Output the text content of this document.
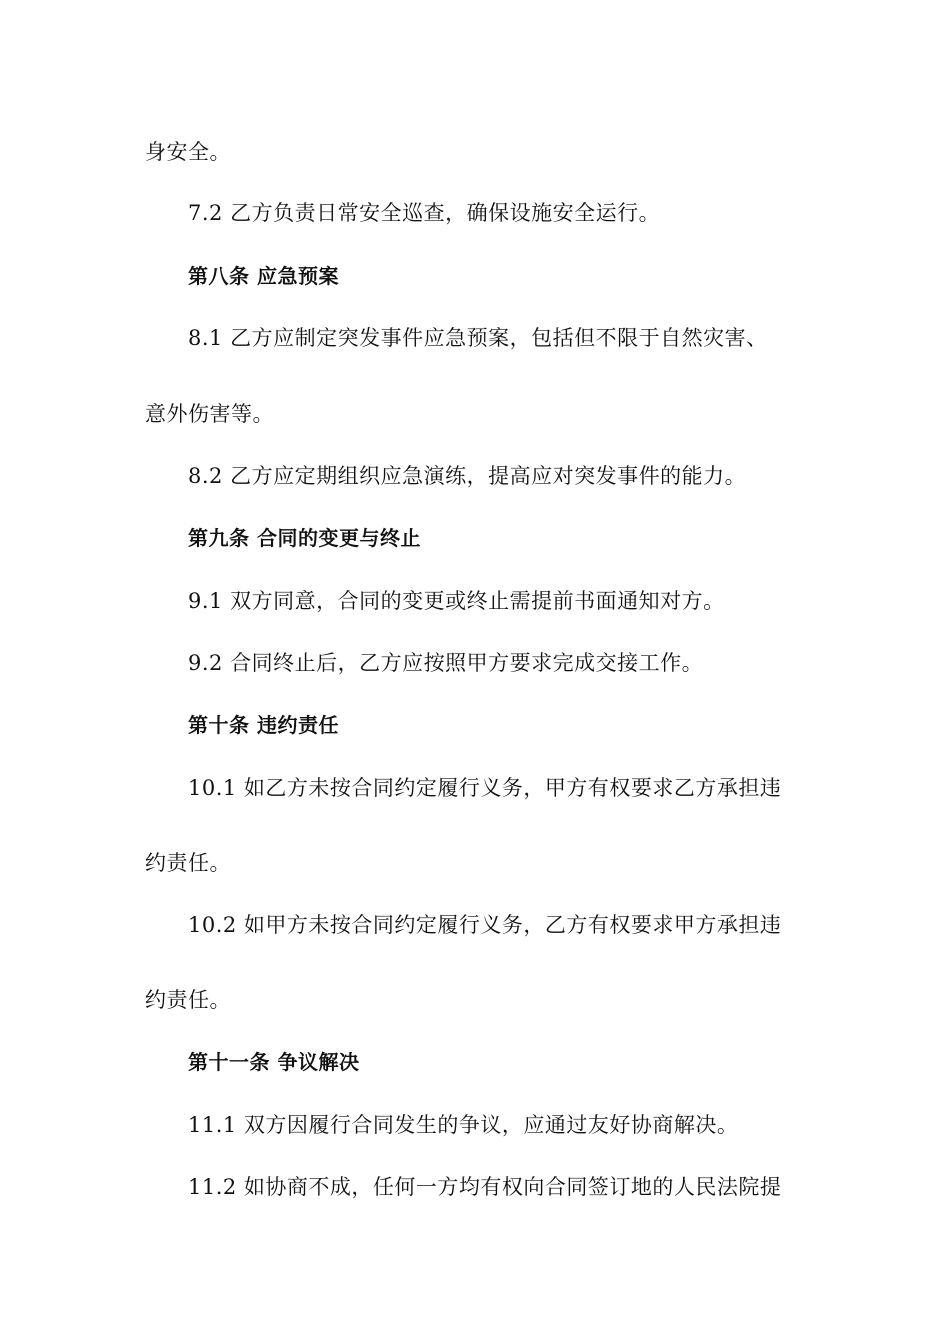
身安全。
7.2 乙方负责日常安全巡查，确保设施安全运行。
第八条 应急预案
8.1 乙方应制定突发事件应急预案，包括但不限于自然灾害、
意外伤害等。
8.2 乙方应定期组织应急演练，提高应对突发事件的能力。
第九条 合同的变更与终止
9.1 双方同意，合同的变更或终止需提前书面通知对方。
9.2 合同终止后，乙方应按照甲方要求完成交接工作。
第十条 违约责任
10.1 如乙方未按合同约定履行义务，甲方有权要求乙方承担违
约责任。
10.2 如甲方未按合同约定履行义务，乙方有权要求甲方承担违
约责任。
第十一条 争议解决
11.1 双方因履行合同发生的争议，应通过友好协商解决。
11.2 如协商不成，任何一方均有权向合同签订地的人民法院提
